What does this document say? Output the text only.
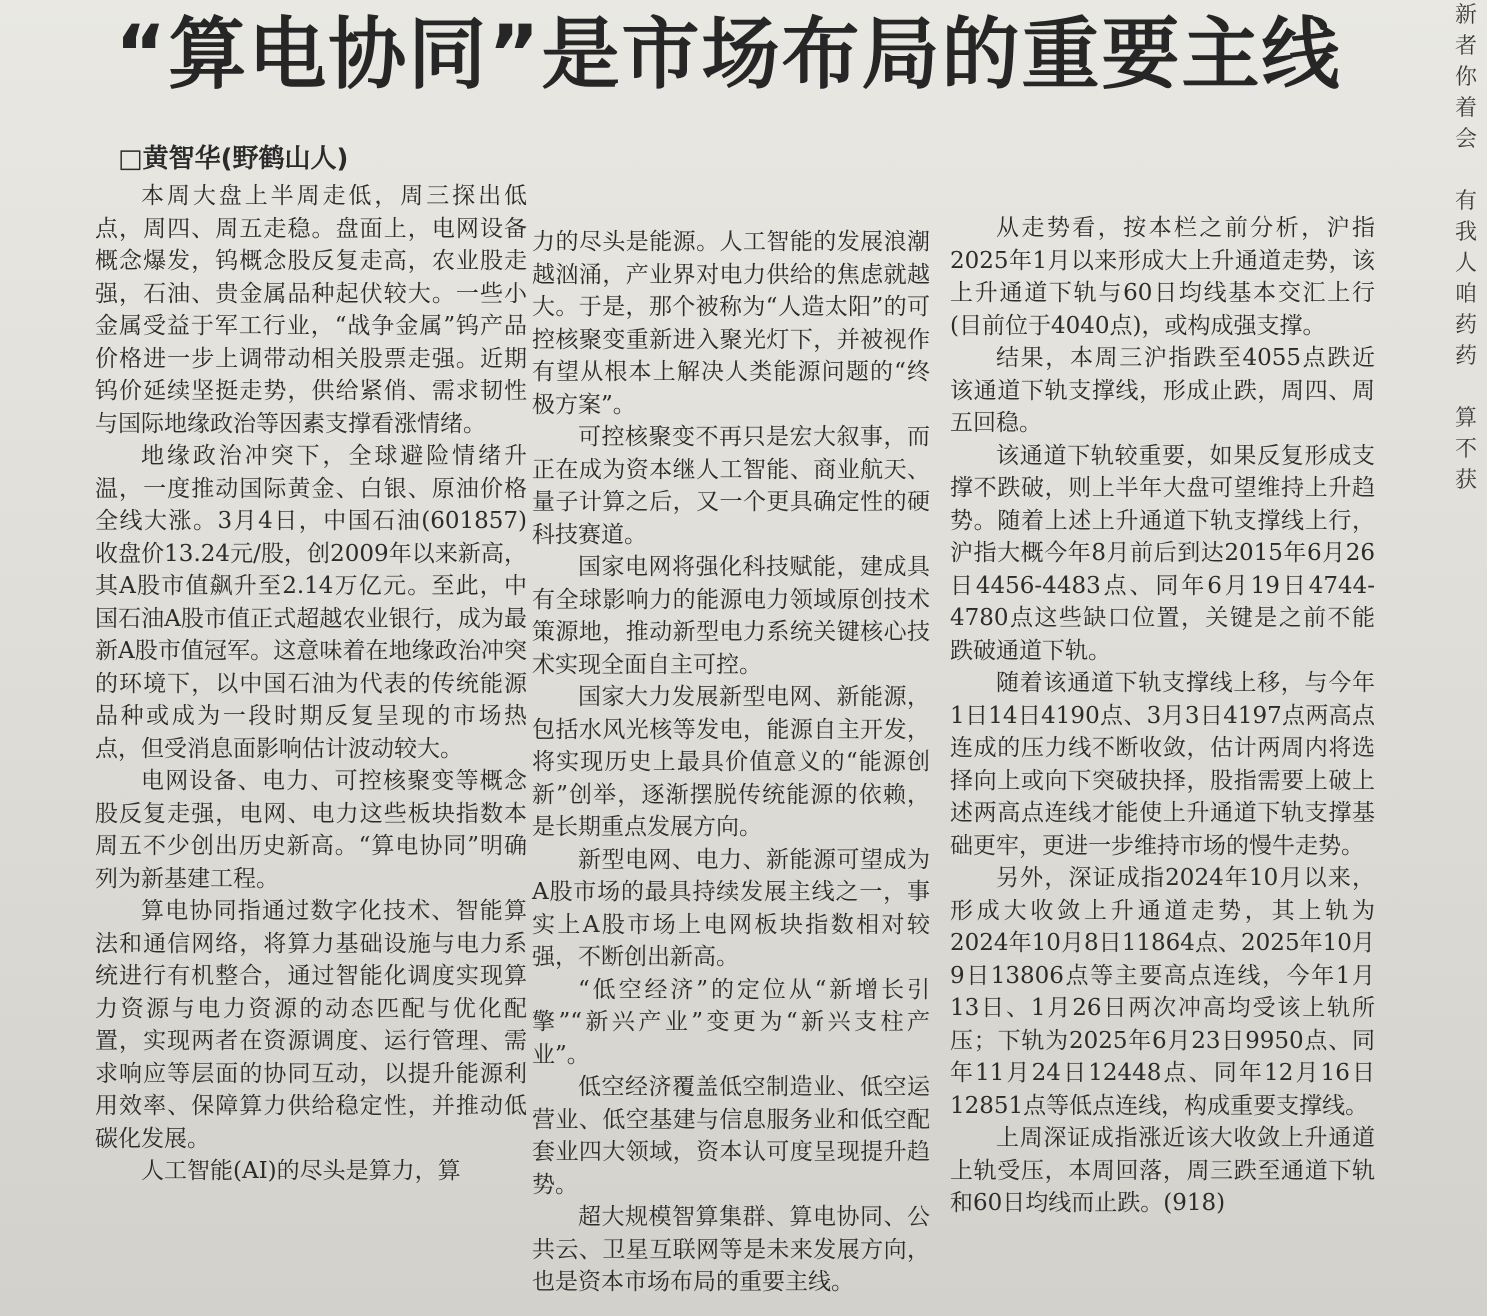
“算电协同”是市场布局的重要主线
□黄智华(野鹤山人)

本周大盘上半周走低，周三探出低点，周四、周五走稳。盘面上，电网设备概念爆发，钨概念股反复走高，农业股走强，石油、贵金属品种起伏较大。一些小金属受益于军工行业，“战争金属”钨产品价格进一步上调带动相关股票走强。近期钨价延续坚挺走势，供给紧俏、需求韧性与国际地缘政治等因素支撑看涨情绪。

地缘政治冲突下，全球避险情绪升温，一度推动国际黄金、白银、原油价格全线大涨。3月4日，中国石油(601857)收盘价13.24元/股，创2009年以来新高，其A股市值飙升至2.14万亿元。至此，中国石油A股市值正式超越农业银行，成为最新A股市值冠军。这意味着在地缘政治冲突的环境下，以中国石油为代表的传统能源品种或成为一段时期反复呈现的市场热点，但受消息面影响估计波动较大。

电网设备、电力、可控核聚变等概念股反复走强，电网、电力这些板块指数本周五不少创出历史新高。“算电协同”明确列为新基建工程。

算电协同指通过数字化技术、智能算法和通信网络，将算力基础设施与电力系统进行有机整合，通过智能化调度实现算力资源与电力资源的动态匹配与优化配置，实现两者在资源调度、运行管理、需求响应等层面的协同互动，以提升能源利用效率、保障算力供给稳定性，并推动低碳化发展。

人工智能(AI)的尽头是算力，算

力的尽头是能源。人工智能的发展浪潮越汹涌，产业界对电力供给的焦虑就越大。于是，那个被称为“人造太阳”的可控核聚变重新进入聚光灯下，并被视作有望从根本上解决人类能源问题的“终极方案”。

可控核聚变不再只是宏大叙事，而正在成为资本继人工智能、商业航天、量子计算之后，又一个更具确定性的硬科技赛道。

国家电网将强化科技赋能，建成具有全球影响力的能源电力领域原创技术策源地，推动新型电力系统关键核心技术实现全面自主可控。

国家大力发展新型电网、新能源，包括水风光核等发电，能源自主开发，将实现历史上最具价值意义的“能源创新”创举，逐渐摆脱传统能源的依赖，是长期重点发展方向。

新型电网、电力、新能源可望成为A股市场的最具持续发展主线之一，事实上A股市场上电网板块指数相对较强，不断创出新高。

“低空经济”的定位从“新增长引擎”“新兴产业”变更为“新兴支柱产业”。

低空经济覆盖低空制造业、低空运营业、低空基建与信息服务业和低空配套业四大领域，资本认可度呈现提升趋势。

超大规模智算集群、算电协同、公共云、卫星互联网等是未来发展方向，也是资本市场布局的重要主线。

从走势看，按本栏之前分析，沪指2025年1月以来形成大上升通道走势，该上升通道下轨与60日均线基本交汇上行(目前位于4040点)，或构成强支撑。

结果，本周三沪指跌至4055点跌近该通道下轨支撑线，形成止跌，周四、周五回稳。

该通道下轨较重要，如果反复形成支撑不跌破，则上半年大盘可望维持上升趋势。随着上述上升通道下轨支撑线上行，沪指大概今年8月前后到达2015年6月26日4456-4483点、同年6月19日4744-4780点这些缺口位置，关键是之前不能跌破通道下轨。

随着该通道下轨支撑线上移，与今年1日14日4190点、3月3日4197点两高点连成的压力线不断收敛，估计两周内将选择向上或向下突破抉择，股指需要上破上述两高点连线才能使上升通道下轨支撑基础更牢，更进一步维持市场的慢牛走势。

另外，深证成指2024年10月以来，形成大收敛上升通道走势，其上轨为2024年10月8日11864点、2025年10月9日13806点等主要高点连线，今年1月13日、1月26日两次冲高均受该上轨所压；下轨为2025年6月23日9950点、同年11月24日12448点、同年12月16日12851点等低点连线，构成重要支撑线。

上周深证成指涨近该大收敛上升通道上轨受压，本周回落，周三跌至通道下轨和60日均线而止跌。(918)

新
者
你
着
会
有
我
人
咱
药
药
算
不
获
